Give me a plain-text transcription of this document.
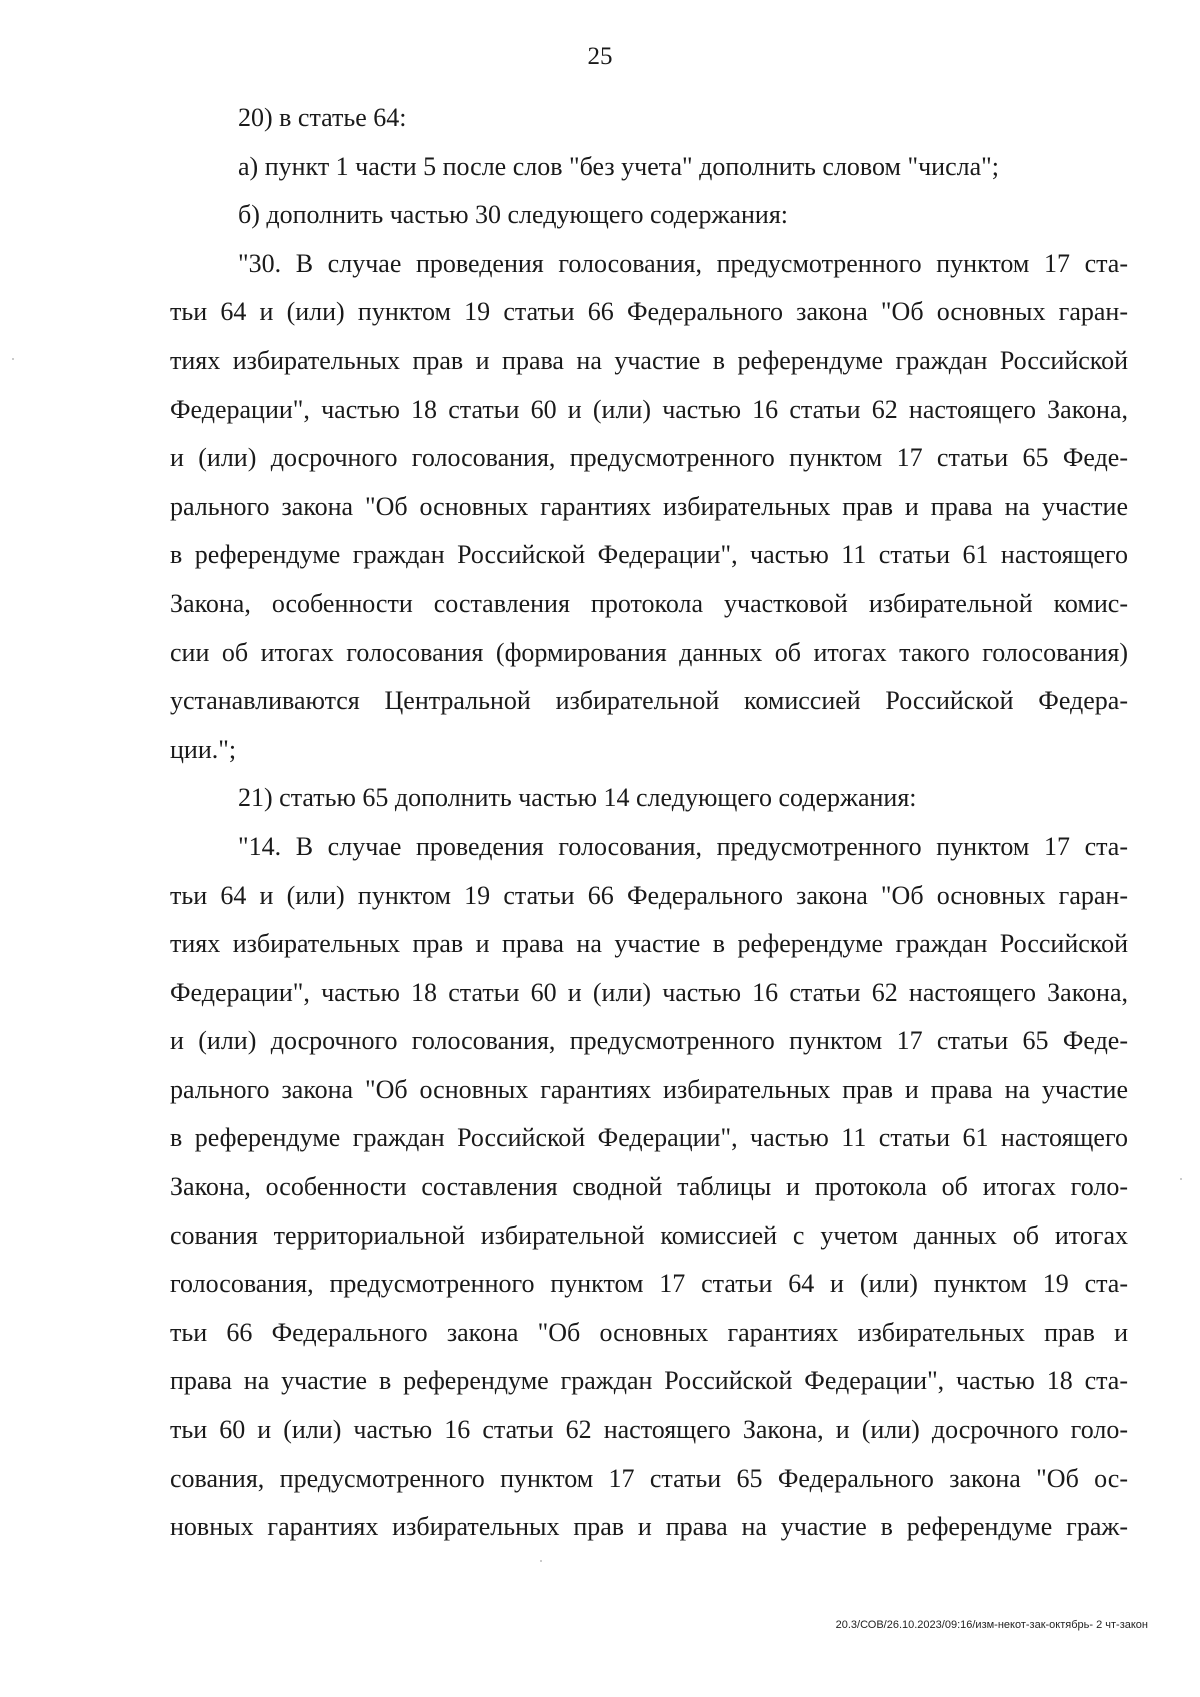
25
20) в статье 64:
а) пункт 1 части 5 после слов "без учета" дополнить словом "числа";
б) дополнить частью 30 следующего содержания:
"30. В случае проведения голосования, предусмотренного пунктом 17 ста-
тьи 64 и (или) пунктом 19 статьи 66 Федерального закона "Об основных гаран-
тиях избирательных прав и права на участие в референдуме граждан Российской
Федерации", частью 18 статьи 60 и (или) частью 16 статьи 62 настоящего Закона,
и (или) досрочного голосования, предусмотренного пунктом 17 статьи 65 Феде-
рального закона "Об основных гарантиях избирательных прав и права на участие
в референдуме граждан Российской Федерации", частью 11 статьи 61 настоящего
Закона, особенности составления протокола участковой избирательной комис-
сии об итогах голосования (формирования данных об итогах такого голосования)
устанавливаются Центральной избирательной комиссией Российской Федера-
ции.";
21) статью 65 дополнить частью 14 следующего содержания:
"14. В случае проведения голосования, предусмотренного пунктом 17 ста-
тьи 64 и (или) пунктом 19 статьи 66 Федерального закона "Об основных гаран-
тиях избирательных прав и права на участие в референдуме граждан Российской
Федерации", частью 18 статьи 60 и (или) частью 16 статьи 62 настоящего Закона,
и (или) досрочного голосования, предусмотренного пунктом 17 статьи 65 Феде-
рального закона "Об основных гарантиях избирательных прав и права на участие
в референдуме граждан Российской Федерации", частью 11 статьи 61 настоящего
Закона, особенности составления сводной таблицы и протокола об итогах голо-
сования территориальной избирательной комиссией с учетом данных об итогах
голосования, предусмотренного пунктом 17 статьи 64 и (или) пунктом 19 ста-
тьи 66 Федерального закона "Об основных гарантиях избирательных прав и
права на участие в референдуме граждан Российской Федерации", частью 18 ста-
тьи 60 и (или) частью 16 статьи 62 настоящего Закона, и (или) досрочного голо-
сования, предусмотренного пунктом 17 статьи 65 Федерального закона "Об ос-
новных гарантиях избирательных прав и права на участие в референдуме граж-
20.3/СОВ/26.10.2023/09:16/изм-некот-зак-октябрь- 2 чт-закон
